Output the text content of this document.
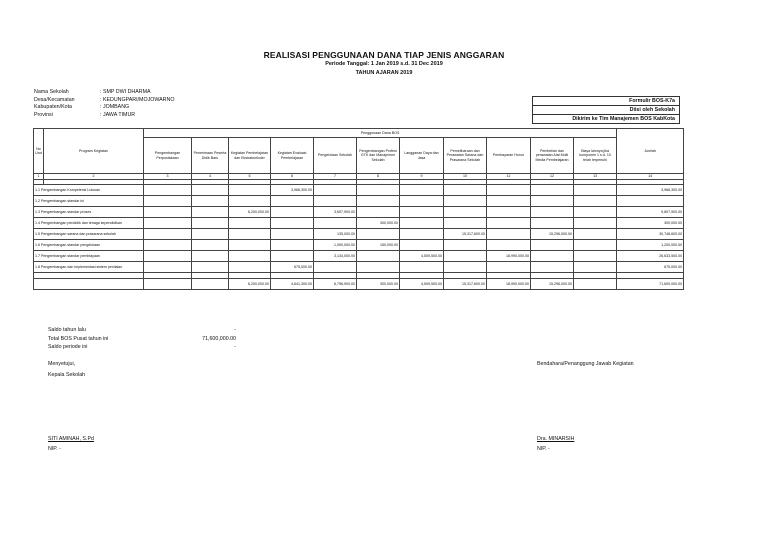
REALISASI PENGGUNAAN DANA TIAP JENIS ANGGARAN
Periode Tanggal: 1 Jan 2019 s.d. 31 Dec 2019
TAHUN AJARAN 2019
Nama Sekolah	: SMP DWI DHARMA
Desa/Kecamatan	: KEDUNGPARI/MOJOWARNO
Kabupaten/Kota	: JOMBANG
Provinsi	: JAWA TIMUR
Formulir BOS-K7a
Diisi oleh Sekolah
Dikirim ke Tim Manajemen BOS KabKota
No Urut	Program Kegiatan	Penggunaan Dana BOS											Jumlah
		Pengembangan Perpustakaan	Penerimaan Peserta Didik Baru	Kegiatan Pembelajaran dan Ekstrakurikuler	Kegiatan Evaluasi Pembelajaran	Pengelolaan Sekolah	Pengembangan Profesi GTK dan Manajemen Sekolah	Langganan Daya dan Jasa	Pemeliharaan dan Perawatan Sarana dan Prasarana Sekolah	Pembayaran Honor	Pembelian dan perawatan Alat Multi Media Pembelajaran	Biaya lainnya jika komponen 1 s.d. 10 telah terpenuhi	
1	2	3	4	5	6	7	8	9	10	11	12	13	14

1.1 Pengembangan Kompetensi Lulusan					3,966,300.00								3,966,300.00
1.2 Pengembangan standar isi													
1.3 Pengembangan standar proses				6,200,000.00		3,607,900.00							9,807,900.00
1.4 Pengembangan pendidik dan tenaga kependidikan							300,000.00						300,000.00
1.5 Pengembangan sarana dan prasarana sekolah						135,000.00			15,317,600.00		15,296,000.00		30,748,600.00
1.6 Pengembangan standar pengelolaan						1,050,000.00	150,000.00						1,200,000.00
1.7 Pengembangan standar pembiayaan						3,134,000.00		4,509,500.00		18,990,000.00			26,633,500.00
1.8 Pengembangan dan implementasi sistem penilaian					675,000.00								675,000.00

				6,200,000.00	4,641,300.00	6,796,900.00	300,000.00	4,509,500.00	15,317,600.00	18,990,000.00	15,296,000.00		71,600,000.00
Saldo tahun lalu	-
Total BOS Pusat tahun ini	71,600,000.00
Saldo periode ini	-
Menyetujui,
Kepala Sekolah
SITI AMINAH, S.Pd
NIP. -
Bendahara/Penanggung Jawab Kegiatan
Dra. MINARSIH
NIP. -
